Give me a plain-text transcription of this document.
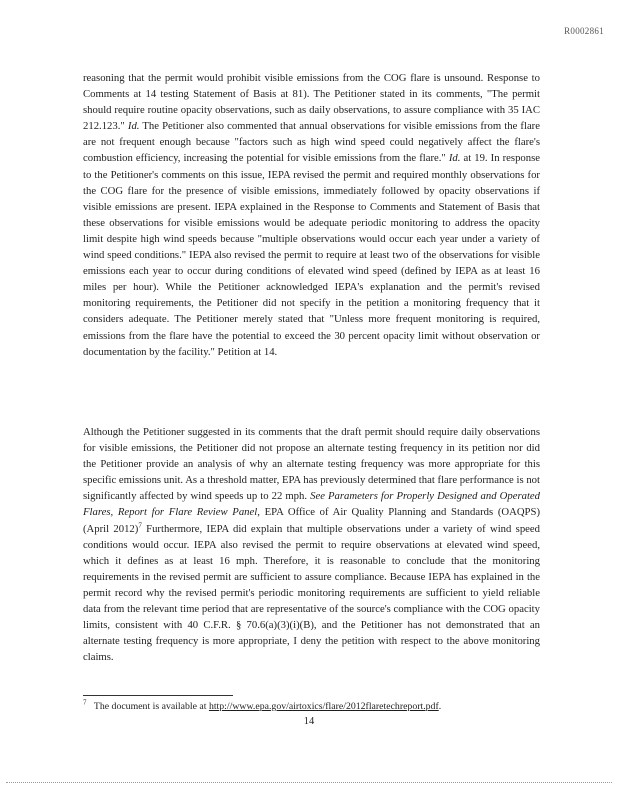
R0002861

reasoning that the permit would prohibit visible emissions from the COG flare is unsound. Response to Comments at 14 testing Statement of Basis at 81). The Petitioner stated in its comments, "The permit should require routine opacity observations, such as daily observations, to assure compliance with 35 IAC 212.123." Id. The Petitioner also commented that annual observations for visible emissions from the flare are not frequent enough because "factors such as high wind speed could negatively affect the flare's combustion efficiency, increasing the potential for visible emissions from the flare." Id. at 19. In response to the Petitioner's comments on this issue, IEPA revised the permit and required monthly observations for the COG flare for the presence of visible emissions, immediately followed by opacity observations if visible emissions are present. IEPA explained in the Response to Comments and Statement of Basis that these observations for visible emissions would be adequate periodic monitoring to address the opacity limit despite high wind speeds because "multiple observations would occur each year under a variety of wind speed conditions." IEPA also revised the permit to require at least two of the observations for visible emissions each year to occur during conditions of elevated wind speed (defined by IEPA as at least 16 miles per hour). While the Petitioner acknowledged IEPA's explanation and the permit's revised monitoring requirements, the Petitioner did not specify in the petition a monitoring frequency that it considers adequate. The Petitioner merely stated that "Unless more frequent monitoring is required, emissions from the flare have the potential to exceed the 30 percent opacity limit without observation or documentation by the facility." Petition at 14.

Although the Petitioner suggested in its comments that the draft permit should require daily observations for visible emissions, the Petitioner did not propose an alternate testing frequency in its petition nor did the Petitioner provide an analysis of why an alternate testing frequency was more appropriate for this specific emissions unit. As a threshold matter, EPA has previously determined that flare performance is not significantly affected by wind speeds up to 22 mph. See Parameters for Properly Designed and Operated Flares, Report for Flare Review Panel, EPA Office of Air Quality Planning and Standards (OAQPS) (April 2012)$^7$ Furthermore, IEPA did explain that multiple observations under a variety of wind speed conditions would occur. IEPA also revised the permit to require observations at elevated wind speed, which it defines as at least 16 mph. Therefore, it is reasonable to conclude that the monitoring requirements in the revised permit are sufficient to assure compliance. Because IEPA has explained in the permit record why the revised permit's periodic monitoring requirements are sufficient to yield reliable data from the relevant time period that are representative of the source's compliance with the COG opacity limits, consistent with 40 C.F.R. § 70.6(a)(3)(i)(B), and the Petitioner has not demonstrated that an alternate testing frequency is more appropriate, I deny the petition with respect to the above monitoring claims.

$^7$ The document is available at http://www.epa.gov/airtoxics/flare/2012flaretechreport.pdf.
14
